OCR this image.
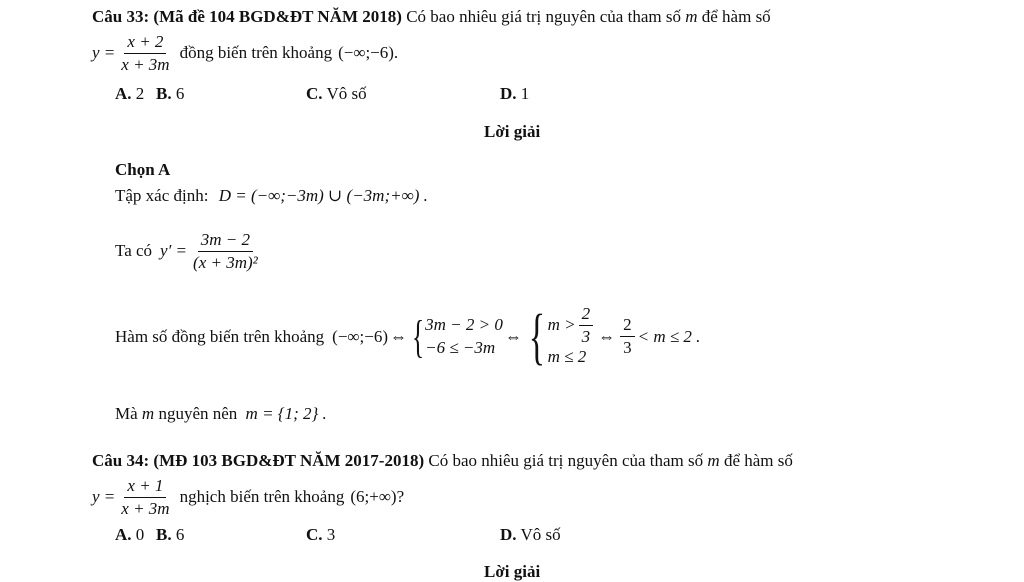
Câu 33: (Mã đề 104 BGD&ĐT NĂM 2018) Có bao nhiêu giá trị nguyên của tham số m để hàm số
$y = \frac{x + 2}{x + 3m}$ đồng biến trên khoảng (−∞;−6) .
A. 2 B. 6	C. Vô số	D. 1
Lời giải
Chọn A
Tập xác định: D = (−∞;−3m) ∪ (−3m;+∞) .
Ta có $y' = \frac{3m - 2}{\text{(x + 3m)²}}$
Hàm số đồng biến trên khoảng (−∞;−6) ⇔ { 3m − 2 > 0
−6 ≤ −3m
⇔ { $m > \frac{2}{3}$
m ≤ 2
⇔ $\frac{2}{3} < m \le 2$ .
Mà m nguyên nên m = {1; 2} .
Câu 34: (MĐ 103 BGD&ĐT NĂM 2017-2018) Có bao nhiêu giá trị nguyên của tham số m để hàm số
$y = \frac{x + 1}{x + 3m}$ nghịch biến trên khoảng (6;+∞) ?
A. 0 B. 6	C. 3	D. Vô số
Lời giải
